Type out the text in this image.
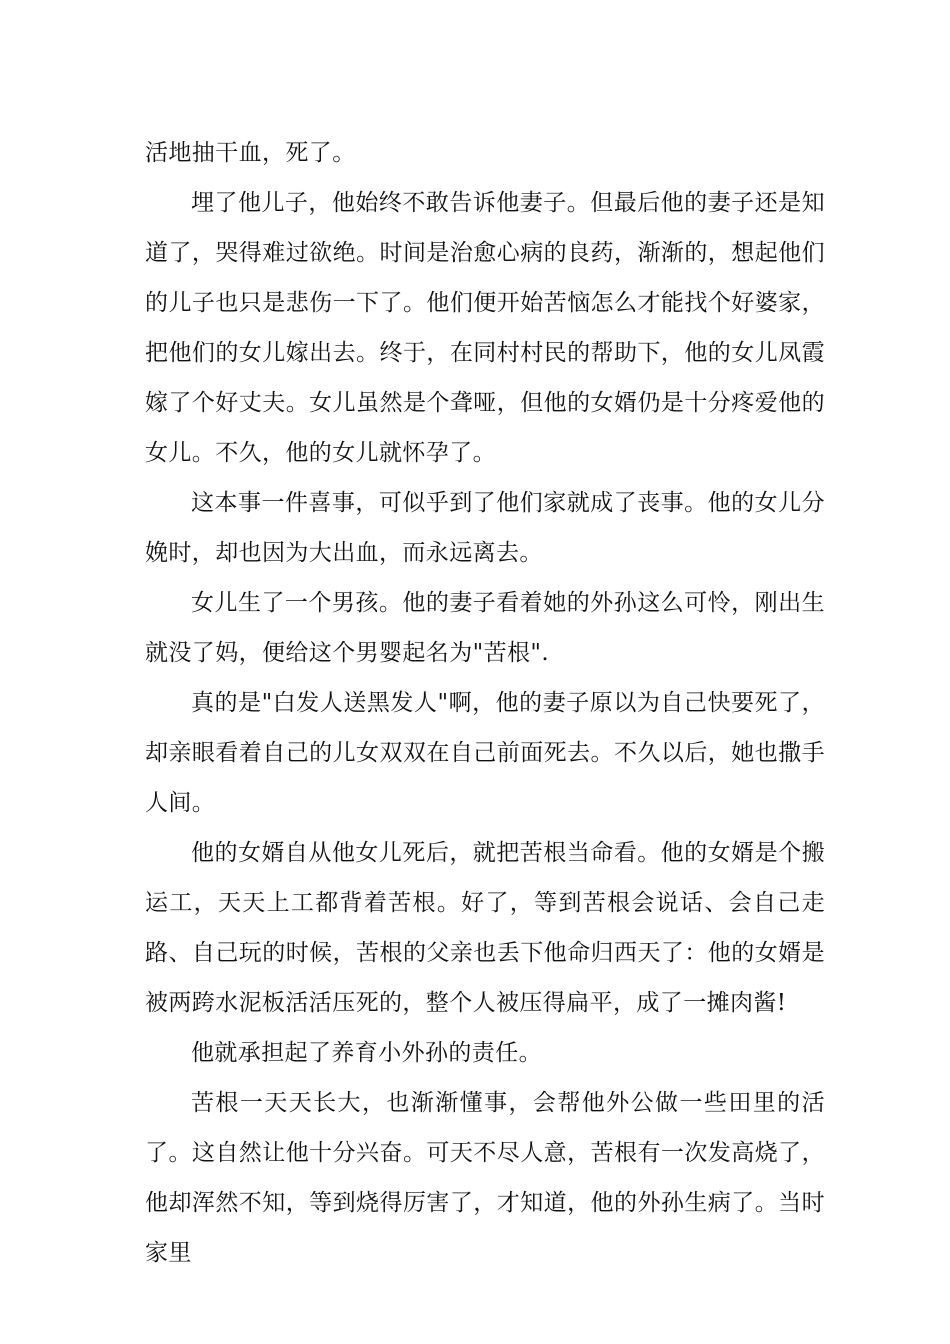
活地抽干血，死了。

埋了他儿子，他始终不敢告诉他妻子。但最后他的妻子还是知道了，哭得难过欲绝。时间是治愈心病的良药，渐渐的，想起他们的儿子也只是悲伤一下了。他们便开始苦恼怎么才能找个好婆家，把他们的女儿嫁出去。终于，在同村村民的帮助下，他的女儿凤霞嫁了个好丈夫。女儿虽然是个聋哑，但他的女婿仍是十分疼爱他的女儿。不久，他的女儿就怀孕了。

这本事一件喜事，可似乎到了他们家就成了丧事。他的女儿分娩时，却也因为大出血，而永远离去。

女儿生了一个男孩。他的妻子看着她的外孙这么可怜，刚出生就没了妈，便给这个男婴起名为"苦根".

真的是"白发人送黑发人"啊，他的妻子原以为自己快要死了，却亲眼看着自己的儿女双双在自己前面死去。不久以后，她也撒手人间。

他的女婿自从他女儿死后，就把苦根当命看。他的女婿是个搬运工，天天上工都背着苦根。好了，等到苦根会说话、会自己走路、自己玩的时候，苦根的父亲也丢下他命归西天了：他的女婿是被两跨水泥板活活压死的，整个人被压得扁平，成了一摊肉酱!

他就承担起了养育小外孙的责任。

苦根一天天长大，也渐渐懂事，会帮他外公做一些田里的活了。这自然让他十分兴奋。可天不尽人意，苦根有一次发高烧了，他却浑然不知，等到烧得厉害了，才知道，他的外孙生病了。当时家里
